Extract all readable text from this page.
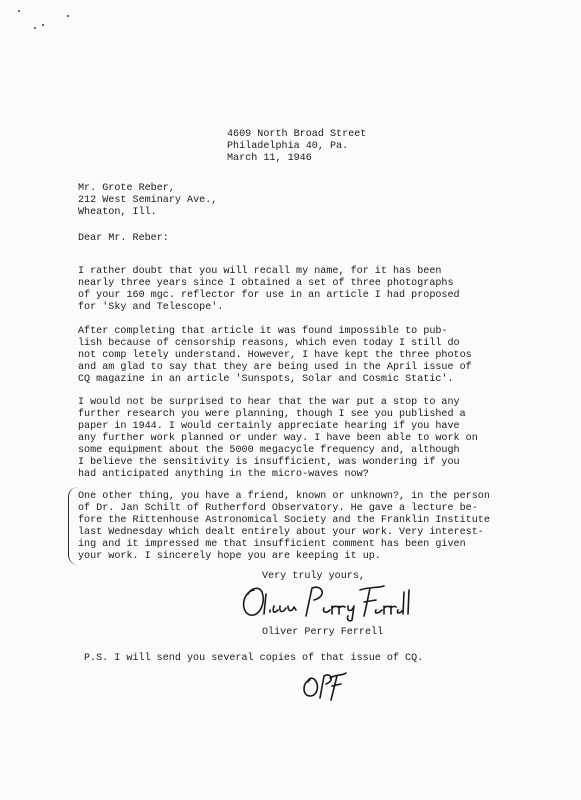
4609 North Broad Street
Philadelphia 40, Pa.
March 11, 1946
Mr. Grote Reber,
212 West Seminary Ave.,
Wheaton, Ill.
Dear Mr. Reber:
I rather doubt that you will recall my name, for it has been
nearly three years since I obtained a set of three photographs
of your 160 mgc. reflector for use in an article I had proposed
for 'Sky and Telescope'.
After completing that article it was found impossible to pub-
lish because of censorship reasons, which even today I still do
not comp letely understand. However, I have kept the three photos
and am glad to say that they are being used in the April issue of
CQ magazine in an article 'Sunspots, Solar and Cosmic Static'.
I would not be surprised to hear that the war put a stop to any
further research you were planning, though I see you published a
paper in 1944. I would certainly appreciate hearing if you have
any further work planned or under way. I have been able to work on
some equipment about the 5000 megacycle frequency and, although
I believe the sensitivity is insufficient, was wondering if you
had anticipated anything in the micro-waves now?
One other thing, you have a friend, known or unknown?, in the person
of Dr. Jan Schilt of Rutherford Observatory. He gave a lecture be-
fore the Rittenhouse Astronomical Society and the Franklin Institute
last Wednesday which dealt entirely about your work. Very interest-
ing and it impressed me that insufficient comment has been given
your work. I sincerely hope you are keeping it up.
Very truly yours,
Oliver Perry Ferrell
P.S. I will send you several copies of that issue of CQ.
